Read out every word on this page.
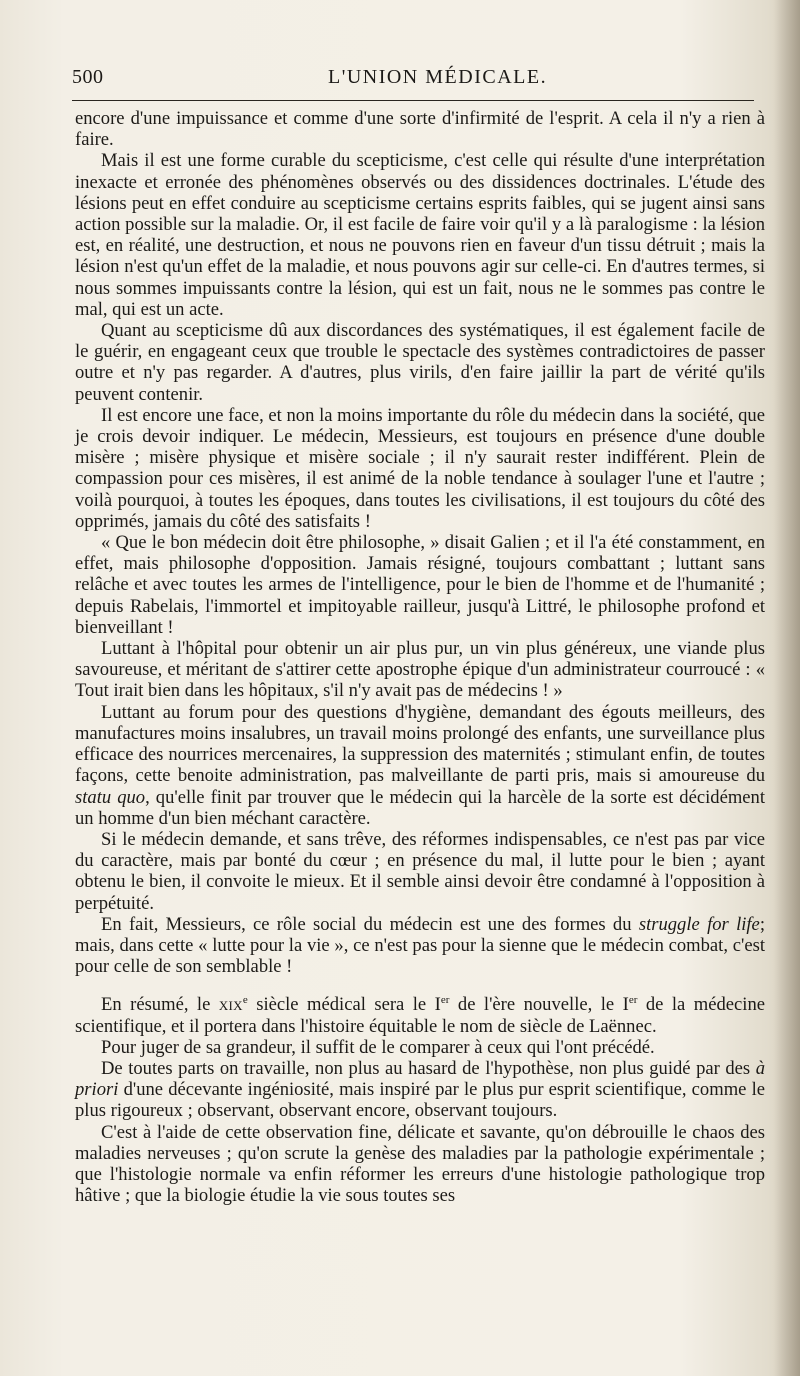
500	L'UNION MÉDICALE.

encore d'une impuissance et comme d'une sorte d'infirmité de l'esprit. A cela il n'y a rien à faire.

Mais il est une forme curable du scepticisme, c'est celle qui résulte d'une interprétation inexacte et erronée des phénomènes observés ou des dissidences doctrinales. L'étude des lésions peut en effet conduire au scepticisme certains esprits faibles, qui se jugent ainsi sans action possible sur la maladie. Or, il est facile de faire voir qu'il y a là paralogisme : la lésion est, en réalité, une destruction, et nous ne pouvons rien en faveur d'un tissu détruit ; mais la lésion n'est qu'un effet de la maladie, et nous pouvons agir sur celle-ci. En d'autres termes, si nous sommes impuissants contre la lésion, qui est un fait, nous ne le sommes pas contre le mal, qui est un acte.

Quant au scepticisme dû aux discordances des systématiques, il est également facile de le guérir, en engageant ceux que trouble le spectacle des systèmes contradictoires de passer outre et n'y pas regarder. A d'autres, plus virils, d'en faire jaillir la part de vérité qu'ils peuvent contenir.

Il est encore une face, et non la moins importante du rôle du médecin dans la société, que je crois devoir indiquer. Le médecin, Messieurs, est toujours en présence d'une double misère ; misère physique et misère sociale ; il n'y saurait rester indifférent. Plein de compassion pour ces misères, il est animé de la noble tendance à soulager l'une et l'autre ; voilà pourquoi, à toutes les époques, dans toutes les civilisations, il est toujours du côté des opprimés, jamais du côté des satisfaits !

« Que le bon médecin doit être philosophe, » disait Galien ; et il l'a été constamment, en effet, mais philosophe d'opposition. Jamais résigné, toujours combattant ; luttant sans relâche et avec toutes les armes de l'intelligence, pour le bien de l'homme et de l'humanité ; depuis Rabelais, l'immortel et impitoyable railleur, jusqu'à Littré, le philosophe profond et bienveillant !

Luttant à l'hôpital pour obtenir un air plus pur, un vin plus généreux, une viande plus savoureuse, et méritant de s'attirer cette apostrophe épique d'un administrateur courroucé : « Tout irait bien dans les hôpitaux, s'il n'y avait pas de médecins ! »

Luttant au forum pour des questions d'hygiène, demandant des égouts meilleurs, des manufactures moins insalubres, un travail moins prolongé des enfants, une surveillance plus efficace des nourrices mercenaires, la suppression des maternités ; stimulant enfin, de toutes façons, cette benoite administration, pas malveillante de parti pris, mais si amoureuse du statu quo, qu'elle finit par trouver que le médecin qui la harcèle de la sorte est décidément un homme d'un bien méchant caractère.

Si le médecin demande, et sans trêve, des réformes indispensables, ce n'est pas par vice du caractère, mais par bonté du cœur ; en présence du mal, il lutte pour le bien ; ayant obtenu le bien, il convoite le mieux. Et il semble ainsi devoir être condamné à l'opposition à perpétuité.

En fait, Messieurs, ce rôle social du médecin est une des formes du struggle for life; mais, dans cette « lutte pour la vie », ce n'est pas pour la sienne que le médecin combat, c'est pour celle de son semblable !

En résumé, le xix$^e$ siècle médical sera le Ier de l'ère nouvelle, le Ier de la médecine scientifique, et il portera dans l'histoire équitable le nom de siècle de Laënnec.

Pour juger de sa grandeur, il suffit de le comparer à ceux qui l'ont précédé.

De toutes parts on travaille, non plus au hasard de l'hypothèse, non plus guidé par des à priori d'une décevante ingéniosité, mais inspiré par le plus pur esprit scientifique, comme le plus rigoureux ; observant, observant encore, observant toujours.

C'est à l'aide de cette observation fine, délicate et savante, qu'on débrouille le chaos des maladies nerveuses ; qu'on scrute la genèse des maladies par la pathologie expérimentale ; que l'histologie normale va enfin réformer les erreurs d'une histologie pathologique trop hâtive ; que la biologie étudie la vie sous toutes ses
